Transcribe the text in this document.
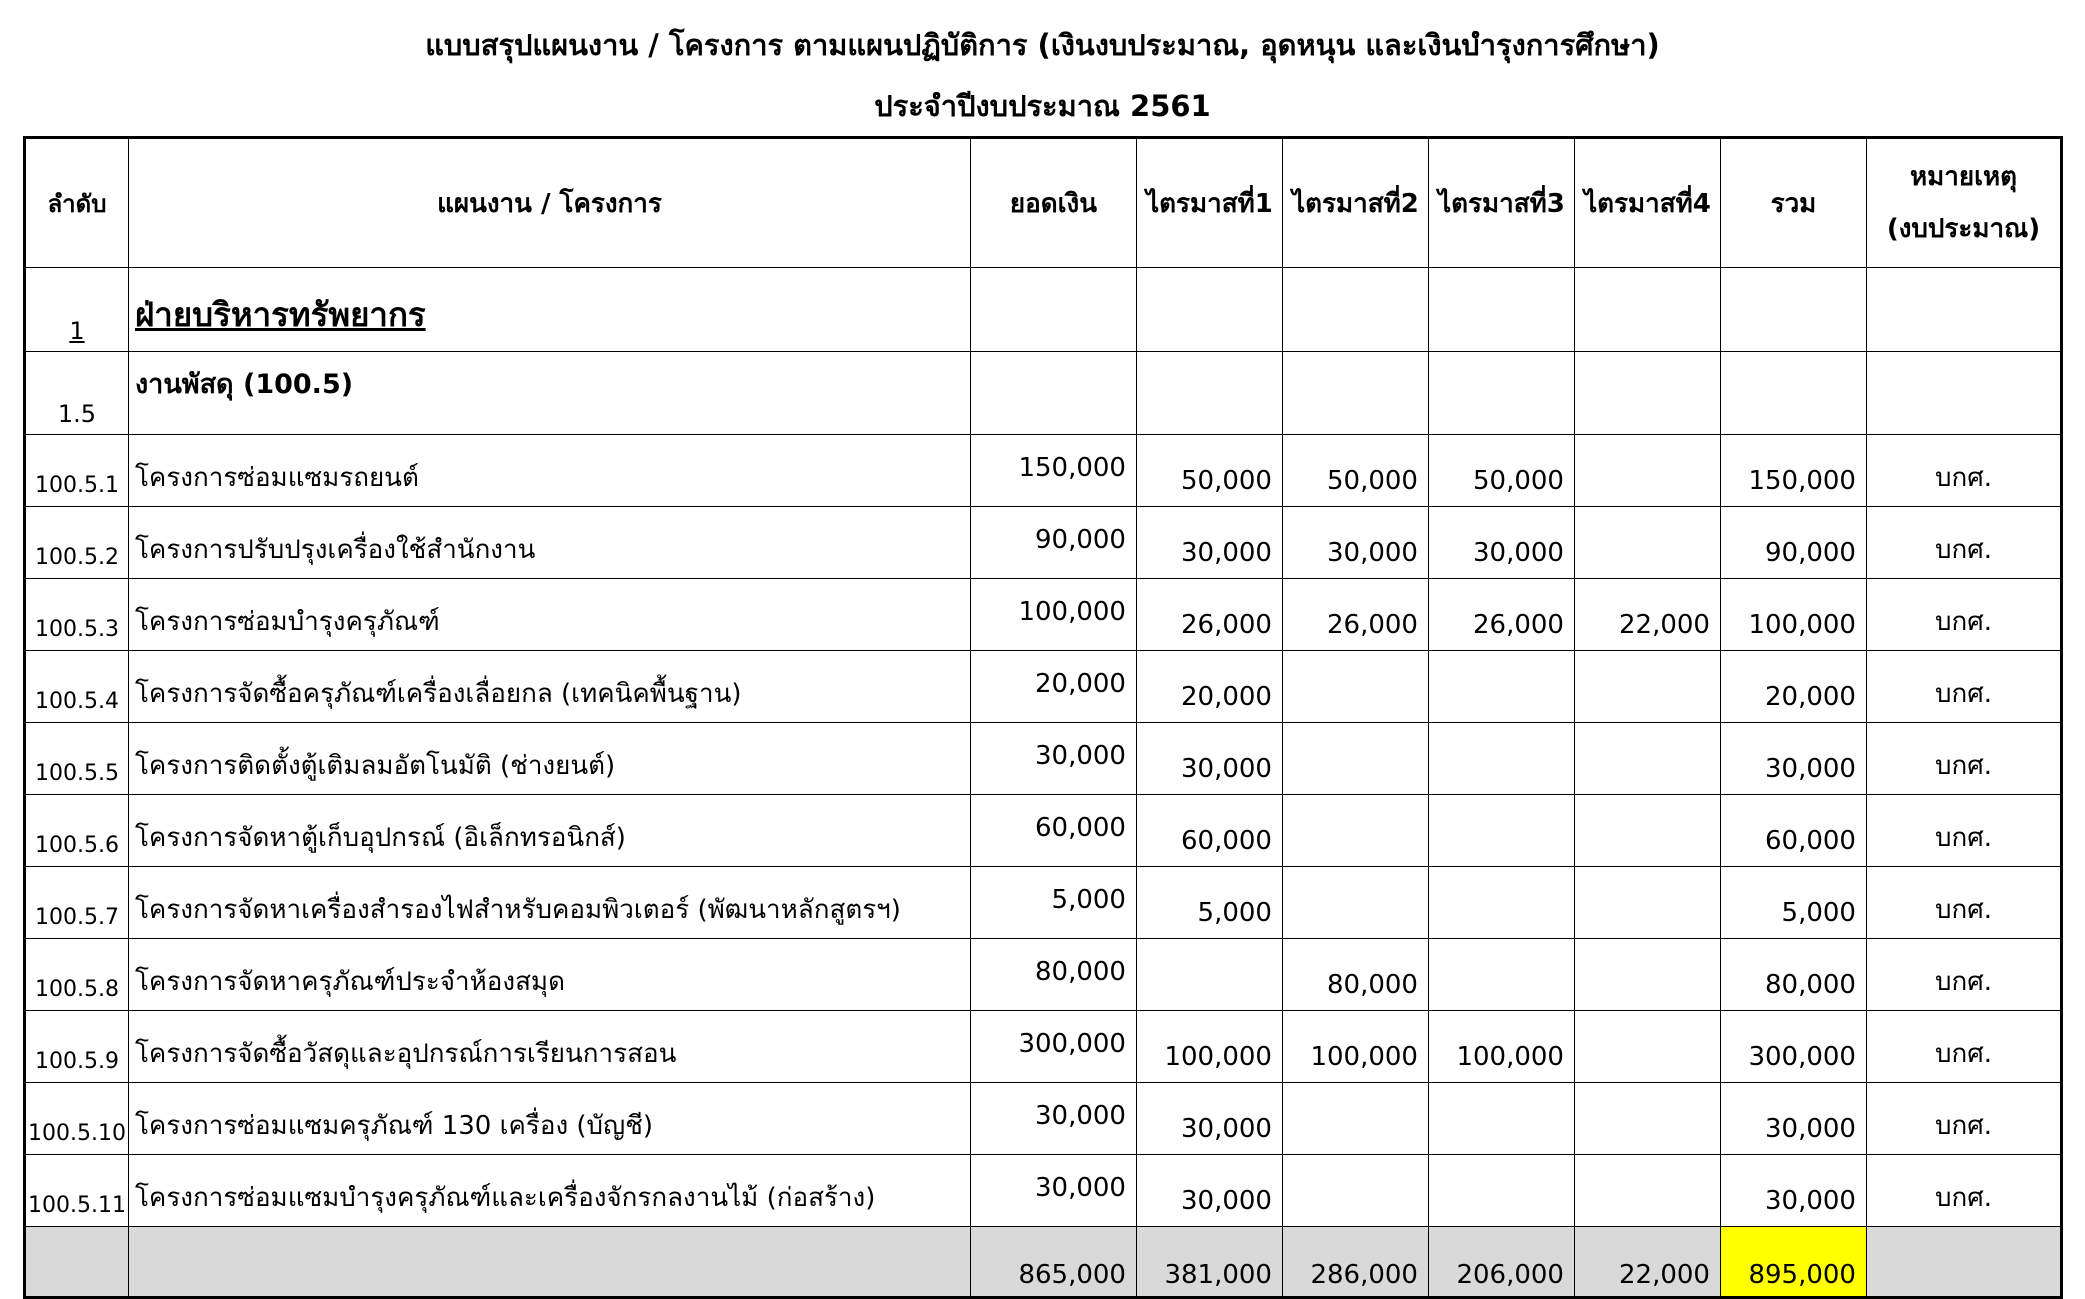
แบบสรุปแผนงาน / โครงการ ตามแผนปฏิบัติการ (เงินงบประมาณ, อุดหนุน และเงินบำรุงการศึกษา)
ประจำปีงบประมาณ 2561
ลำดับ	แผนงาน / โครงการ	ยอดเงิน	ไตรมาสที่1	ไตรมาสที่2	ไตรมาสที่3	ไตรมาสที่4	รวม	หมายเหตุ
(งบประมาณ)

1	ฝ่ายบริหารทรัพยากร							
1.5	งานพัสดุ (100.5)							
100.5.1	โครงการซ่อมแซมรถยนต์	150,000	50,000	50,000	50,000		150,000	บกศ.
100.5.2	โครงการปรับปรุงเครื่องใช้สำนักงาน	90,000	30,000	30,000	30,000		90,000	บกศ.
100.5.3	โครงการซ่อมบำรุงครุภัณฑ์	100,000	26,000	26,000	26,000	22,000	100,000	บกศ.
100.5.4	โครงการจัดซื้อครุภัณฑ์เครื่องเลื่อยกล (เทคนิคพื้นฐาน)	20,000	20,000				20,000	บกศ.
100.5.5	โครงการติดตั้งตู้เติมลมอัตโนมัติ (ช่างยนต์)	30,000	30,000				30,000	บกศ.
100.5.6	โครงการจัดหาตู้เก็บอุปกรณ์ (อิเล็กทรอนิกส์)	60,000	60,000				60,000	บกศ.
100.5.7	โครงการจัดหาเครื่องสำรองไฟสำหรับคอมพิวเตอร์ (พัฒนาหลักสูตรฯ)	5,000	5,000				5,000	บกศ.
100.5.8	โครงการจัดหาครุภัณฑ์ประจำห้องสมุด	80,000		80,000			80,000	บกศ.
100.5.9	โครงการจัดซื้อวัสดุและอุปกรณ์การเรียนการสอน	300,000	100,000	100,000	100,000		300,000	บกศ.
100.5.10	โครงการซ่อมแซมครุภัณฑ์ 130 เครื่อง (บัญชี)	30,000	30,000				30,000	บกศ.
100.5.11	โครงการซ่อมแซมบำรุงครุภัณฑ์และเครื่องจักรกลงานไม้ (ก่อสร้าง)	30,000	30,000				30,000	บกศ.
		865,000	381,000	286,000	206,000	22,000	895,000	
